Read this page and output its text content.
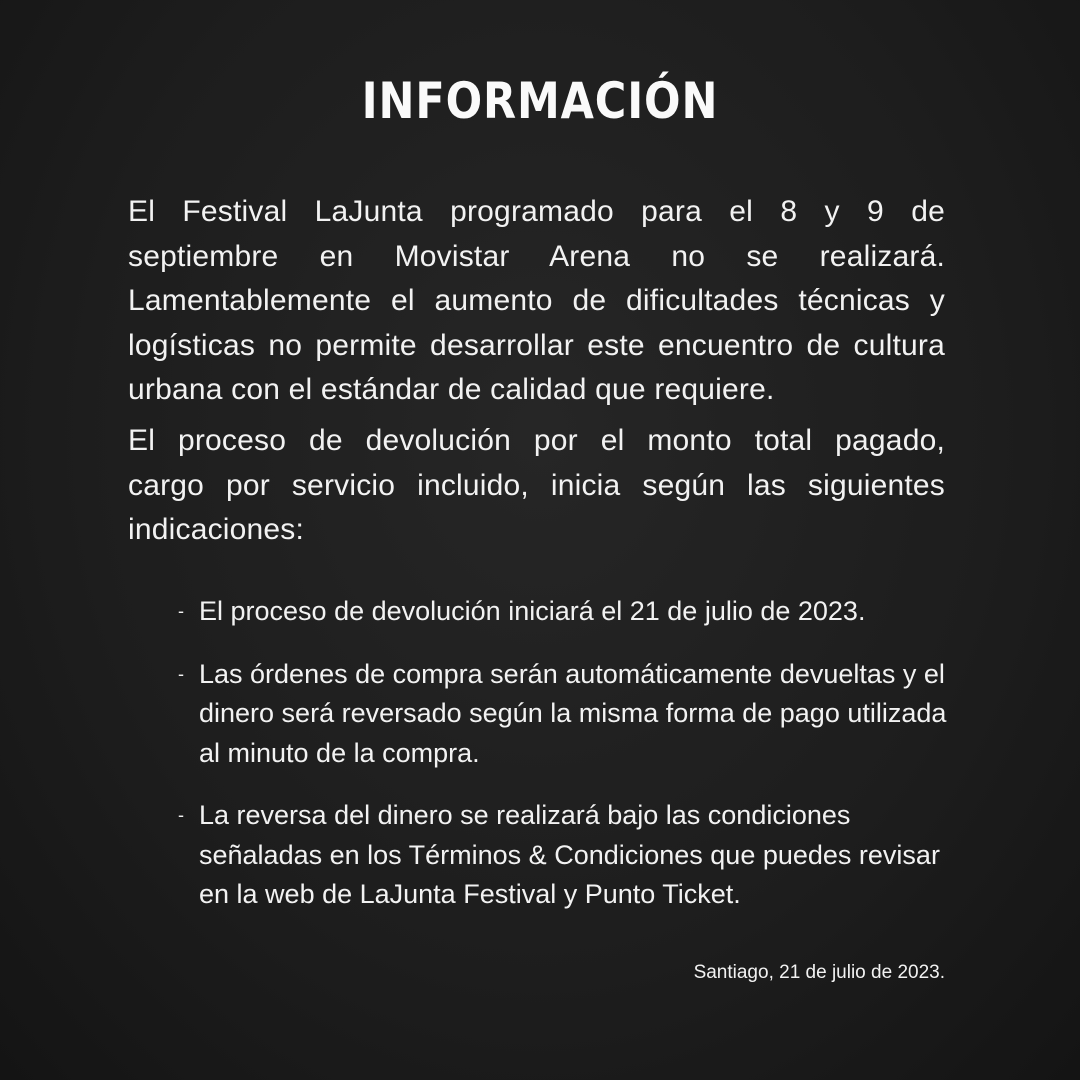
INFORMACIÓN
El Festival LaJunta programado para el 8 y 9 de
septiembre en Movistar Arena no se realizará.
Lamentablemente el aumento de dificultades técnicas y
logísticas no permite desarrollar este encuentro de cultura
urbana con el estándar de calidad que requiere.
El proceso de devolución por el monto total pagado,
cargo por servicio incluido, inicia según las siguientes
indicaciones:
- El proceso de devolución iniciará el 21 de julio de 2023.
- Las órdenes de compra serán automáticamente devueltas y el dinero será reversado según la misma forma de pago utilizada al minuto de la compra.
- La reversa del dinero se realizará bajo las condiciones señaladas en los Términos & Condiciones que puedes revisar en la web de LaJunta Festival y Punto Ticket.
Santiago, 21 de julio de 2023.
